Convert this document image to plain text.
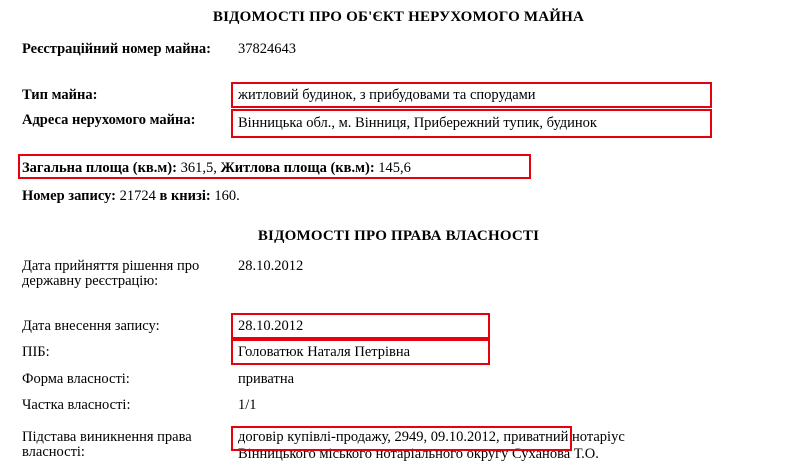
ВІДОМОСТІ ПРО ОБ'ЄКТ НЕРУХОМОГО МАЙНА
Реєстраційний номер майна:	37824643
Тип майна:	житловий будинок, з прибудовами та спорудами
Адреса нерухомого майна:	Вінницька обл., м. Вінниця, Прибережний тупик, будинок
Загальна площа (кв.м): 361,5, Житлова площа (кв.м): 145,6
Номер запису: 21724 в книзі: 160.
ВІДОМОСТІ ПРО ПРАВА ВЛАСНОСТІ
Дата прийняття рішення про державну реєстрацію:
28.10.2012
Дата внесення запису:	28.10.2012
ПІБ:	Головатюк Наталя Петрівна
Форма власності:	приватна
Частка власності:	1/1
Підстава виникнення права власності:
договір купівлі-продажу, 2949, 09.10.2012, приватний нотаріус
Вінницького міського нотаріального округу Суханова Т.О.
